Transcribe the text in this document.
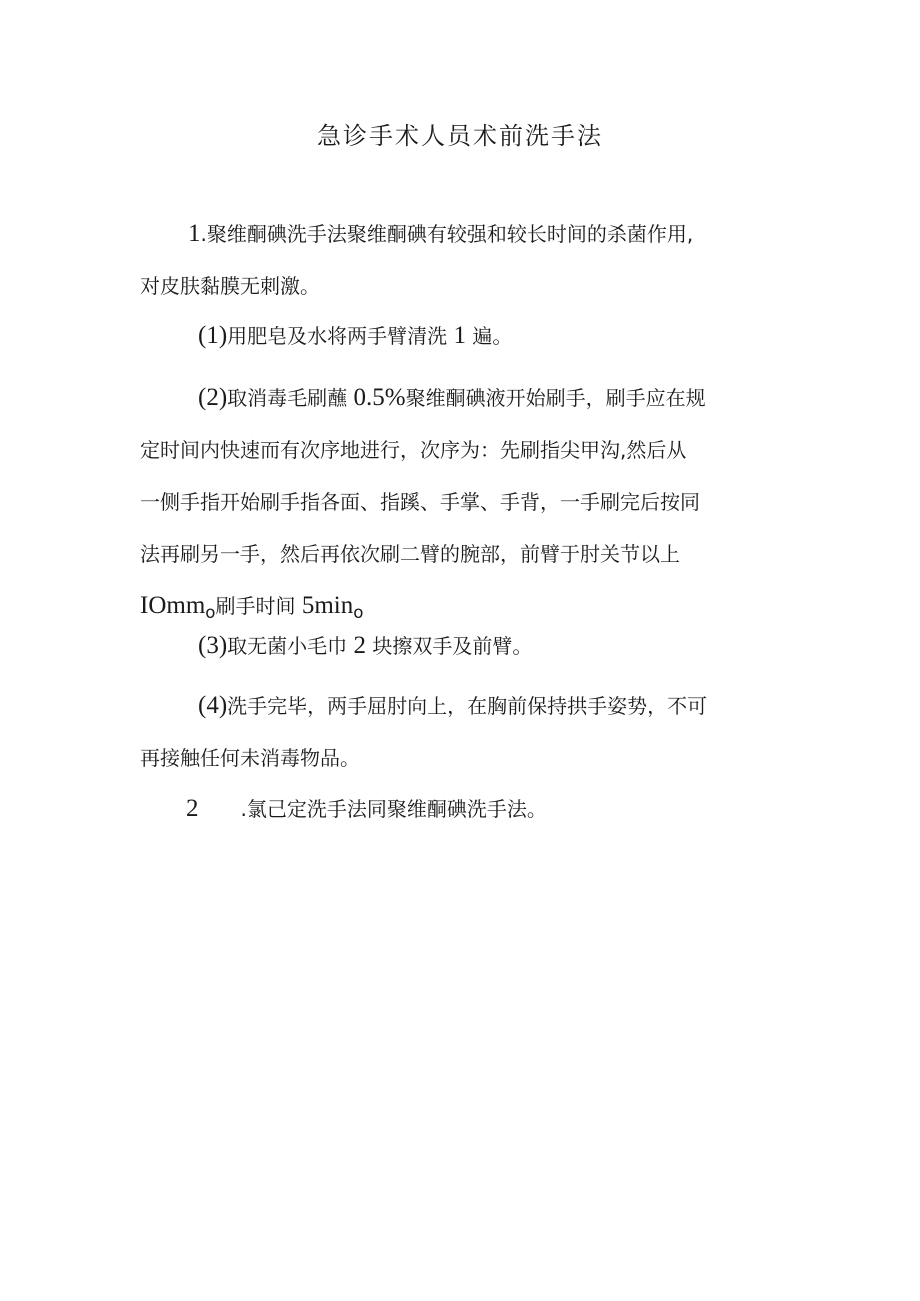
急诊手术人员术前洗手法

1.聚维酮碘洗手法聚维酮碘有较强和较长时间的杀菌作用,
对皮肤黏膜无刺激。

(1)用肥皂及水将两手臂清洗 1 遍。

(2)取消毒毛刷蘸 0.5%聚维酮碘液开始刷手，刷手应在规
定时间内快速而有次序地进行，次序为：先刷指尖甲沟,然后从
一侧手指开始刷手指各面、指蹊、手掌、手背，一手刷完后按同
法再刷另一手，然后再依次刷二臂的腕部，前臂于肘关节以上
IOmm$_o$刷手时间 $5\min_o$

(3)取无菌小毛巾 2 块擦双手及前臂。

(4)洗手完毕，两手屈肘向上，在胸前保持拱手姿势，不可
再接触任何未消毒物品。

2 .氯己定洗手法同聚维酮碘洗手法。
